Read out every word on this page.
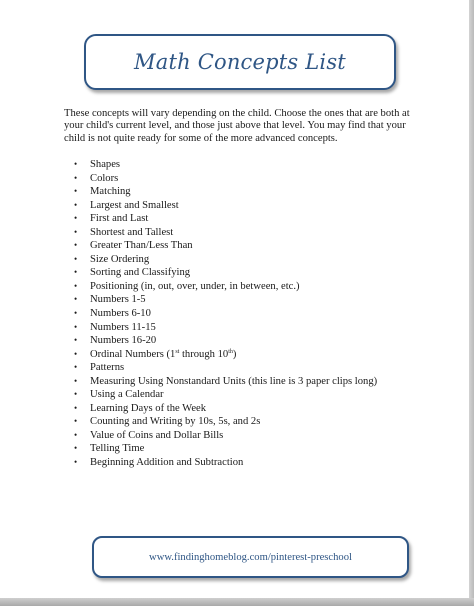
Math Concepts List
These concepts will vary depending on the child. Choose the ones that are both at your child's current level, and those just above that level. You may find that your child is not quite ready for some of the more advanced concepts.
• Shapes
• Colors
• Matching
• Largest and Smallest
• First and Last
• Shortest and Tallest
• Greater Than/Less Than
• Size Ordering
• Sorting and Classifying
• Positioning (in, out, over, under, in between, etc.)
• Numbers 1-5
• Numbers 6-10
• Numbers 11-15
• Numbers 16-20
• Ordinal Numbers (1st through 10th)
• Patterns
• Measuring Using Nonstandard Units (this line is 3 paper clips long)
• Using a Calendar
• Learning Days of the Week
• Counting and Writing by 10s, 5s, and 2s
• Value of Coins and Dollar Bills
• Telling Time
• Beginning Addition and Subtraction
www.findinghomeblog.com/pinterest-preschool
